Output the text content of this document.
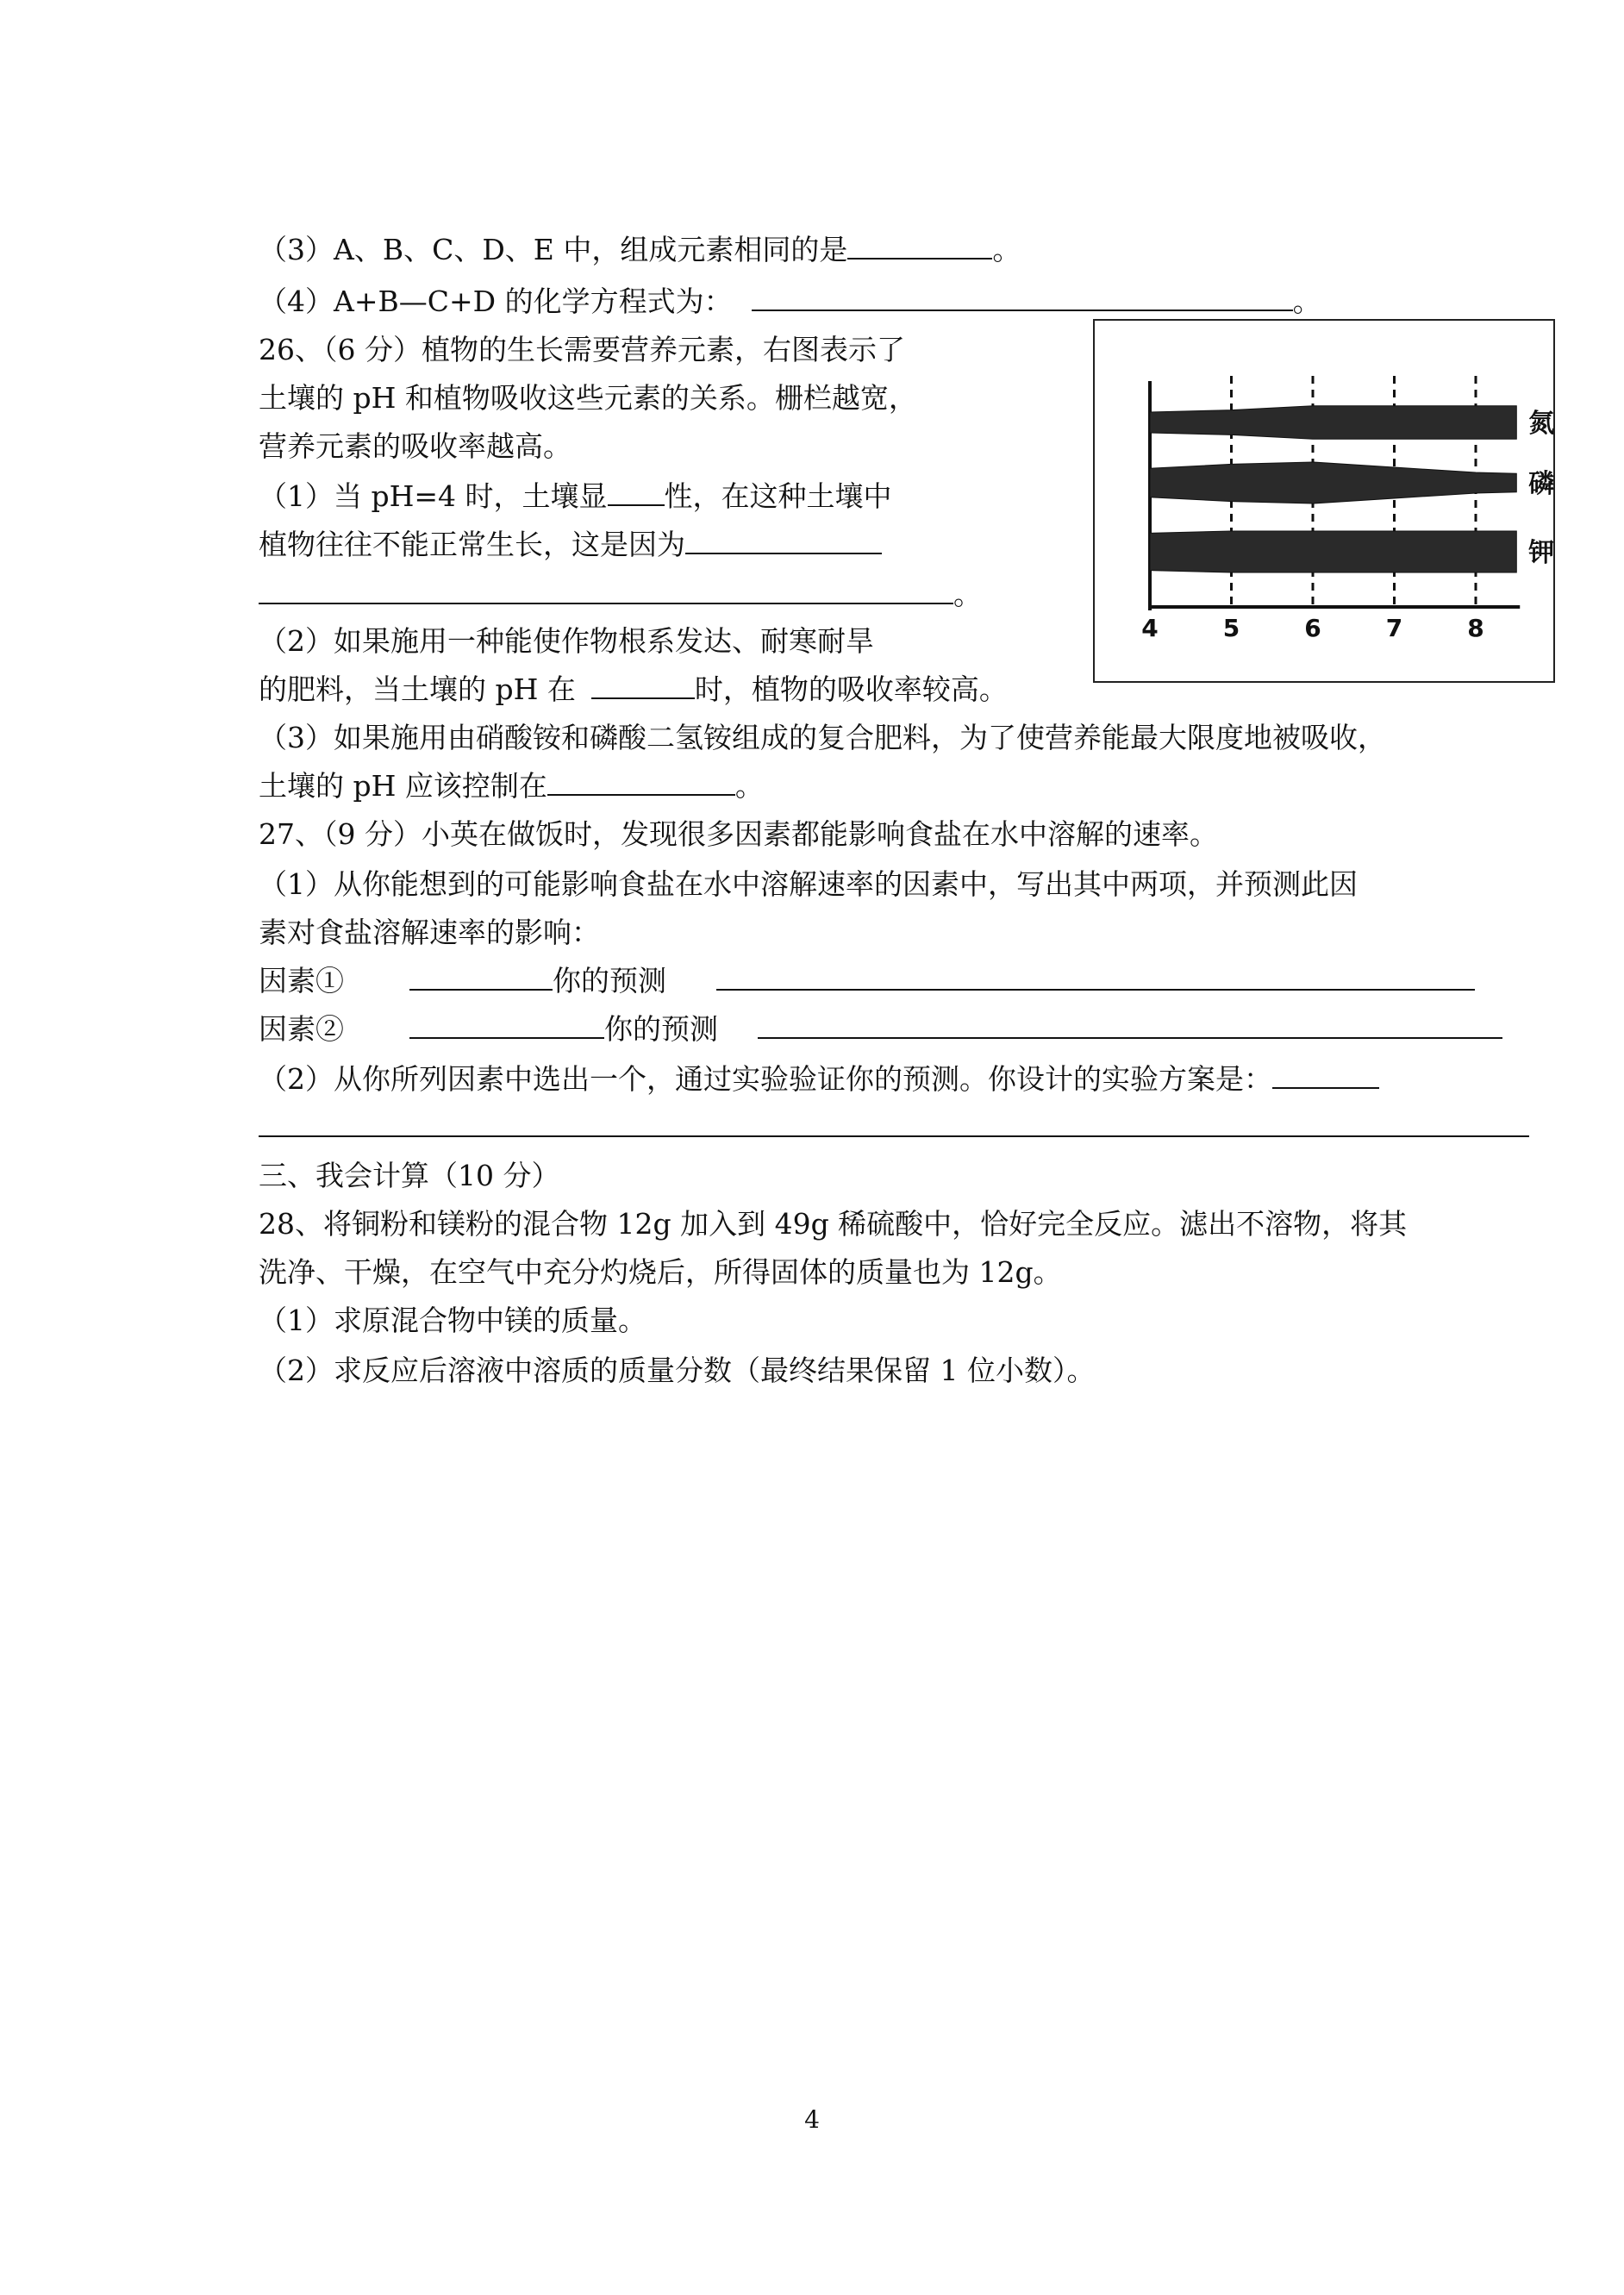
（3）A、B、C、D、E 中，组成元素相同的是	。
（4）A+B—C+D 的化学方程式为：	。
26、（6 分）植物的生长需要营养元素，右图表示了
土壤的 pH 和植物吸收这些元素的关系。栅栏越宽，
营养元素的吸收率越高。
（1）当 pH=4 时，土壤显 性，在这种土壤中
植物往往不能正常生长，这是因为
。
（2）如果施用一种能使作物根系发达、耐寒耐旱
的肥料，当土壤的 pH 在	时，植物的吸收率较高。
4	5	6	7	8
氮
磷
钾
（3）如果施用由硝酸铵和磷酸二氢铵组成的复合肥料，为了使营养能最大限度地被吸收，
土壤的 pH 应该控制在	。
27、（9 分）小英在做饭时，发现很多因素都能影响食盐在水中溶解的速率。
（1）从你能想到的可能影响食盐在水中溶解速率的因素中，写出其中两项，并预测此因
素对食盐溶解速率的影响：
因素①	你的预测
因素②	你的预测
（2）从你所列因素中选出一个，通过实验验证你的预测。你设计的实验方案是：
三、我会计算（10 分）
28、将铜粉和镁粉的混合物 12g 加入到 49g 稀硫酸中，恰好完全反应。滤出不溶物，将其
洗净、干燥，在空气中充分灼烧后，所得固体的质量也为 12g。
（1）求原混合物中镁的质量。
（2）求反应后溶液中溶质的质量分数（最终结果保留 1 位小数）。
4
